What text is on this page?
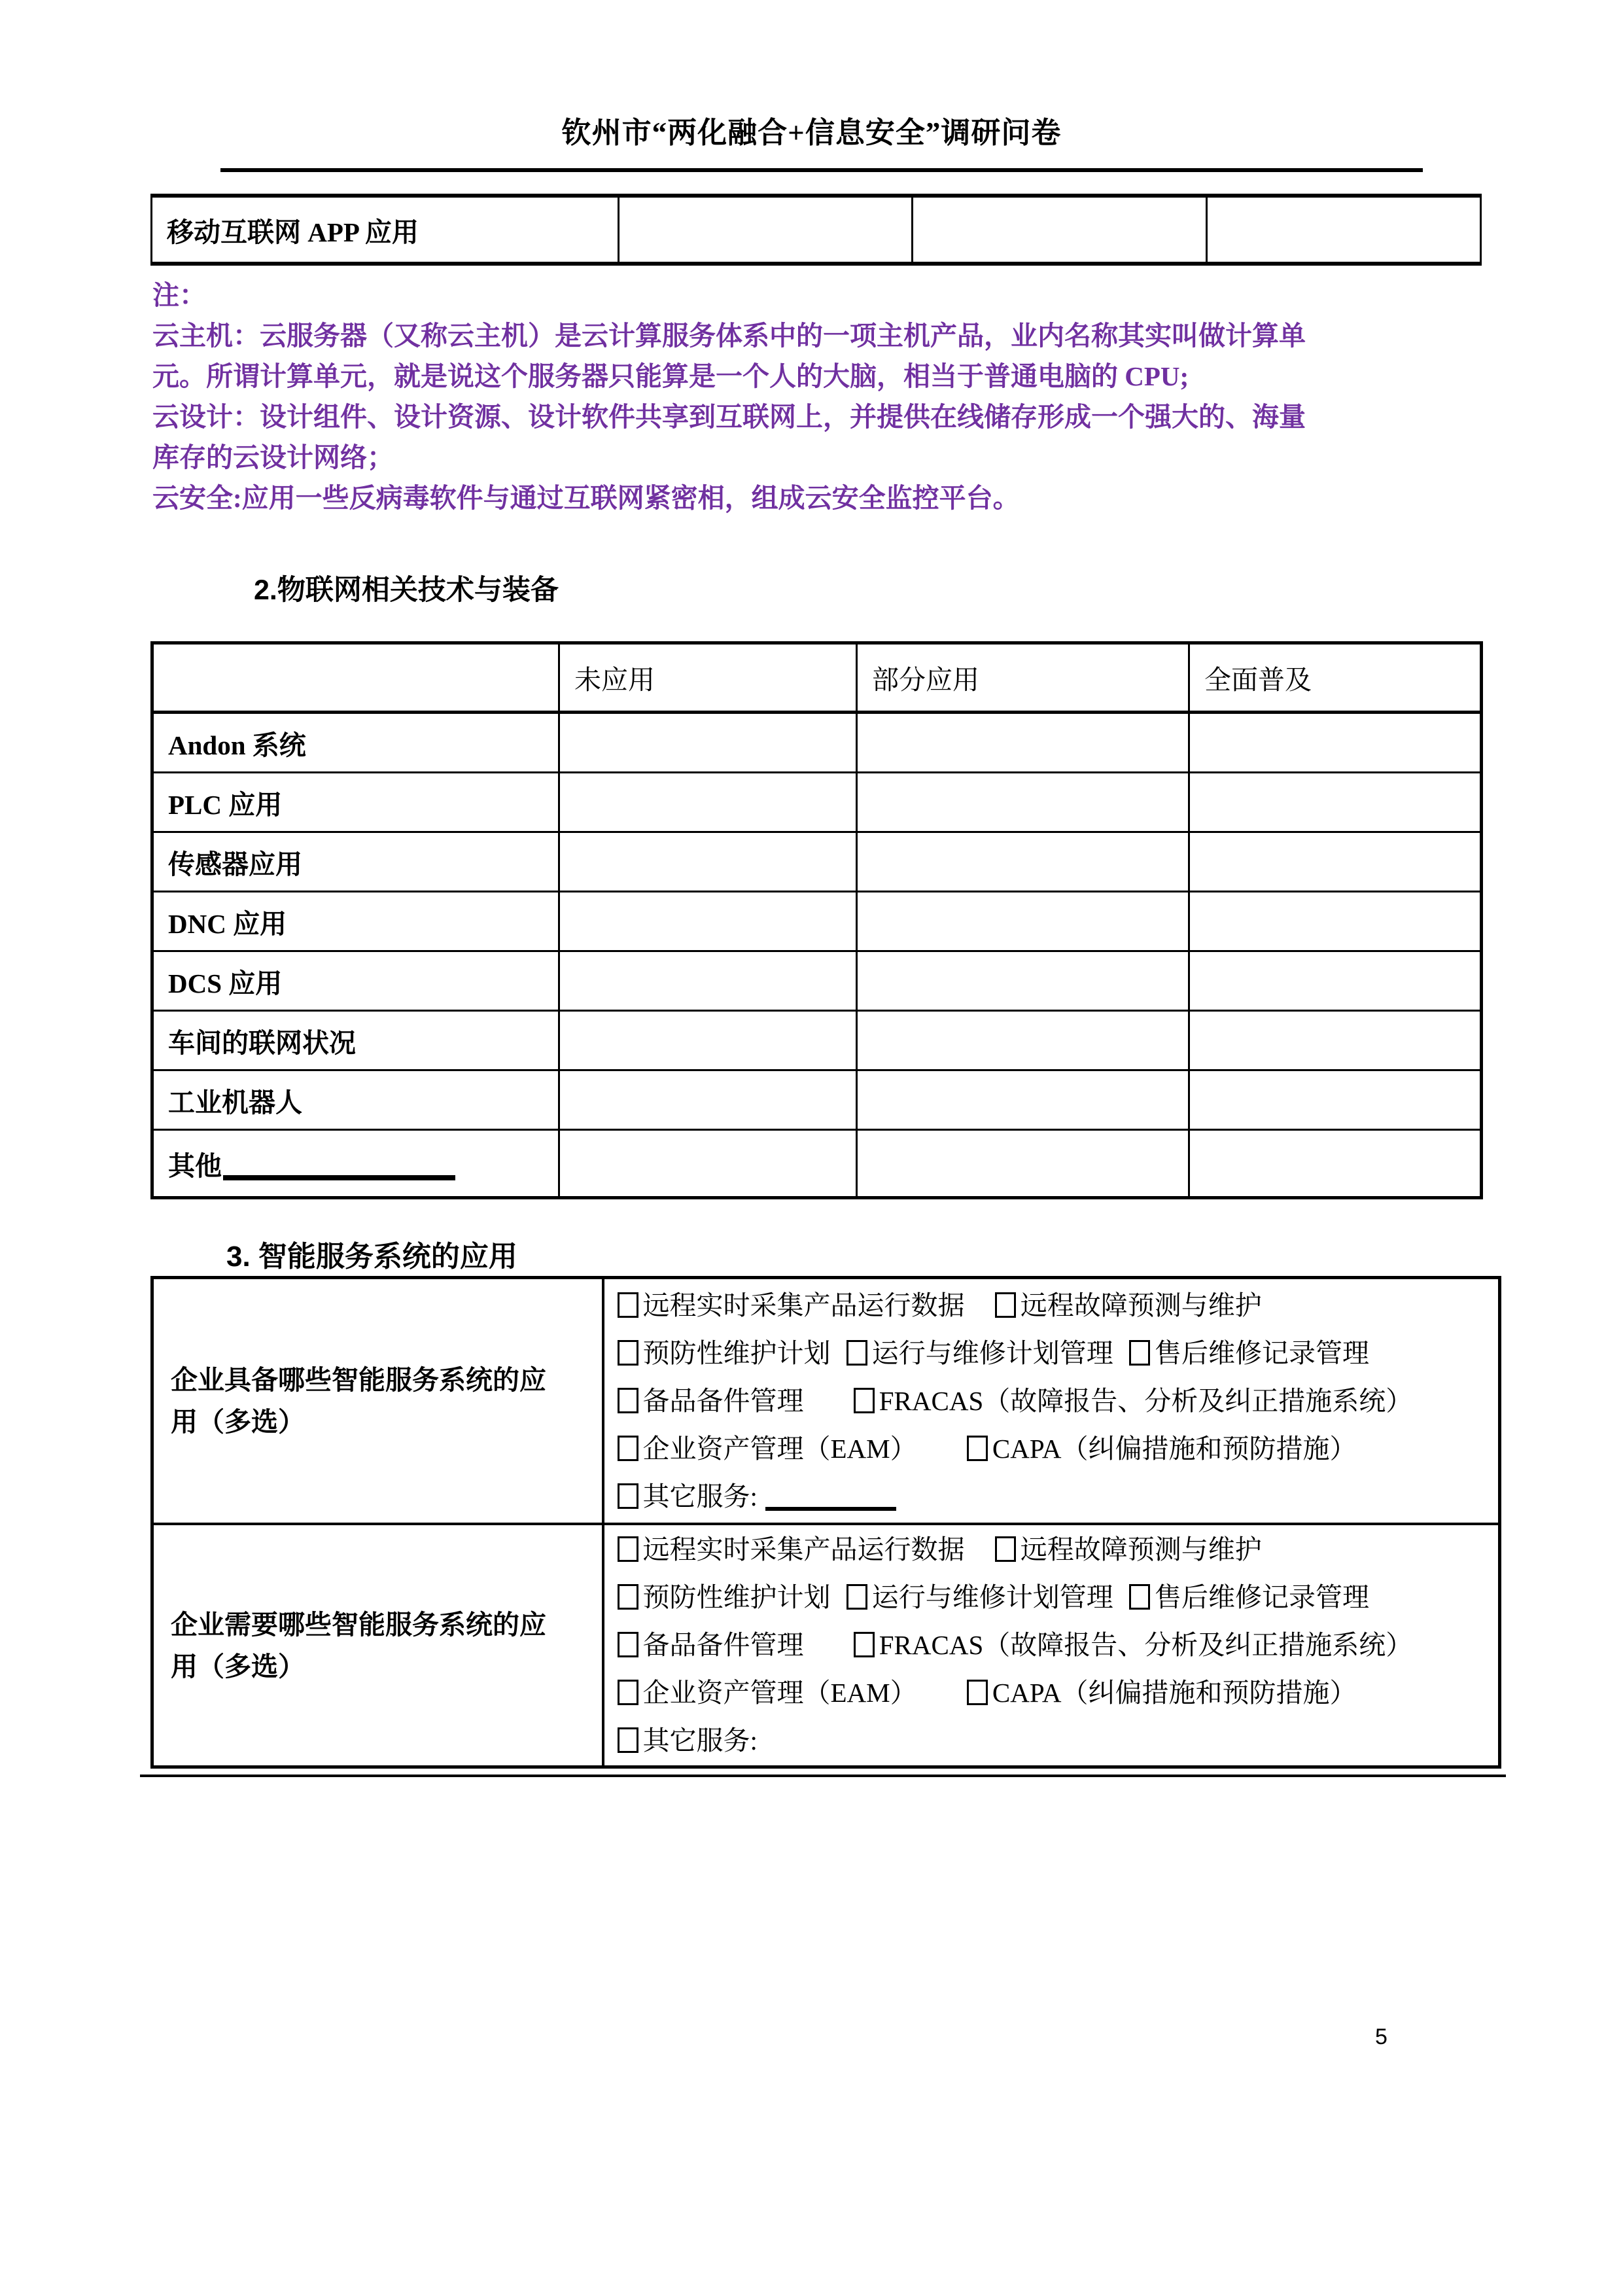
钦州市“两化融合+信息安全”调研问卷
移动互联网 APP 应用			
注：
云主机：云服务器（又称云主机）是云计算服务体系中的一项主机产品，业内名称其实叫做计算单
元。所谓计算单元，就是说这个服务器只能算是一个人的大脑，相当于普通电脑的 CPU;
云设计：设计组件、设计资源、设计软件共享到互联网上，并提供在线储存形成一个强大的、海量
库存的云设计网络；
云安全:应用一些反病毒软件与通过互联网紧密相，组成云安全监控平台。
2.物联网相关技术与装备
	未应用	部分应用	全面普及
Andon 系统			
PLC 应用			
传感器应用			
DNC 应用			
DCS 应用			
车间的联网状况			
工业机器人			
其他			
3. 智能服务系统的应用
企业具备哪些智能服务系统的应
用（多选）

远程实时采集产品运行数据 远程故障预测与维护
预防性维护计划 运行与维修计划管理 售后维修记录管理
备品备件管理	FRACAS（故障报告、分析及纠正措施系统）
企业资产管理（EAM）	CAPA（纠偏措施和预防措施）
其它服务:

企业需要哪些智能服务系统的应
用（多选）

远程实时采集产品运行数据 远程故障预测与维护
预防性维护计划 运行与维修计划管理 售后维修记录管理
备品备件管理	FRACAS（故障报告、分析及纠正措施系统）
企业资产管理（EAM）	CAPA（纠偏措施和预防措施）
其它服务:
5
